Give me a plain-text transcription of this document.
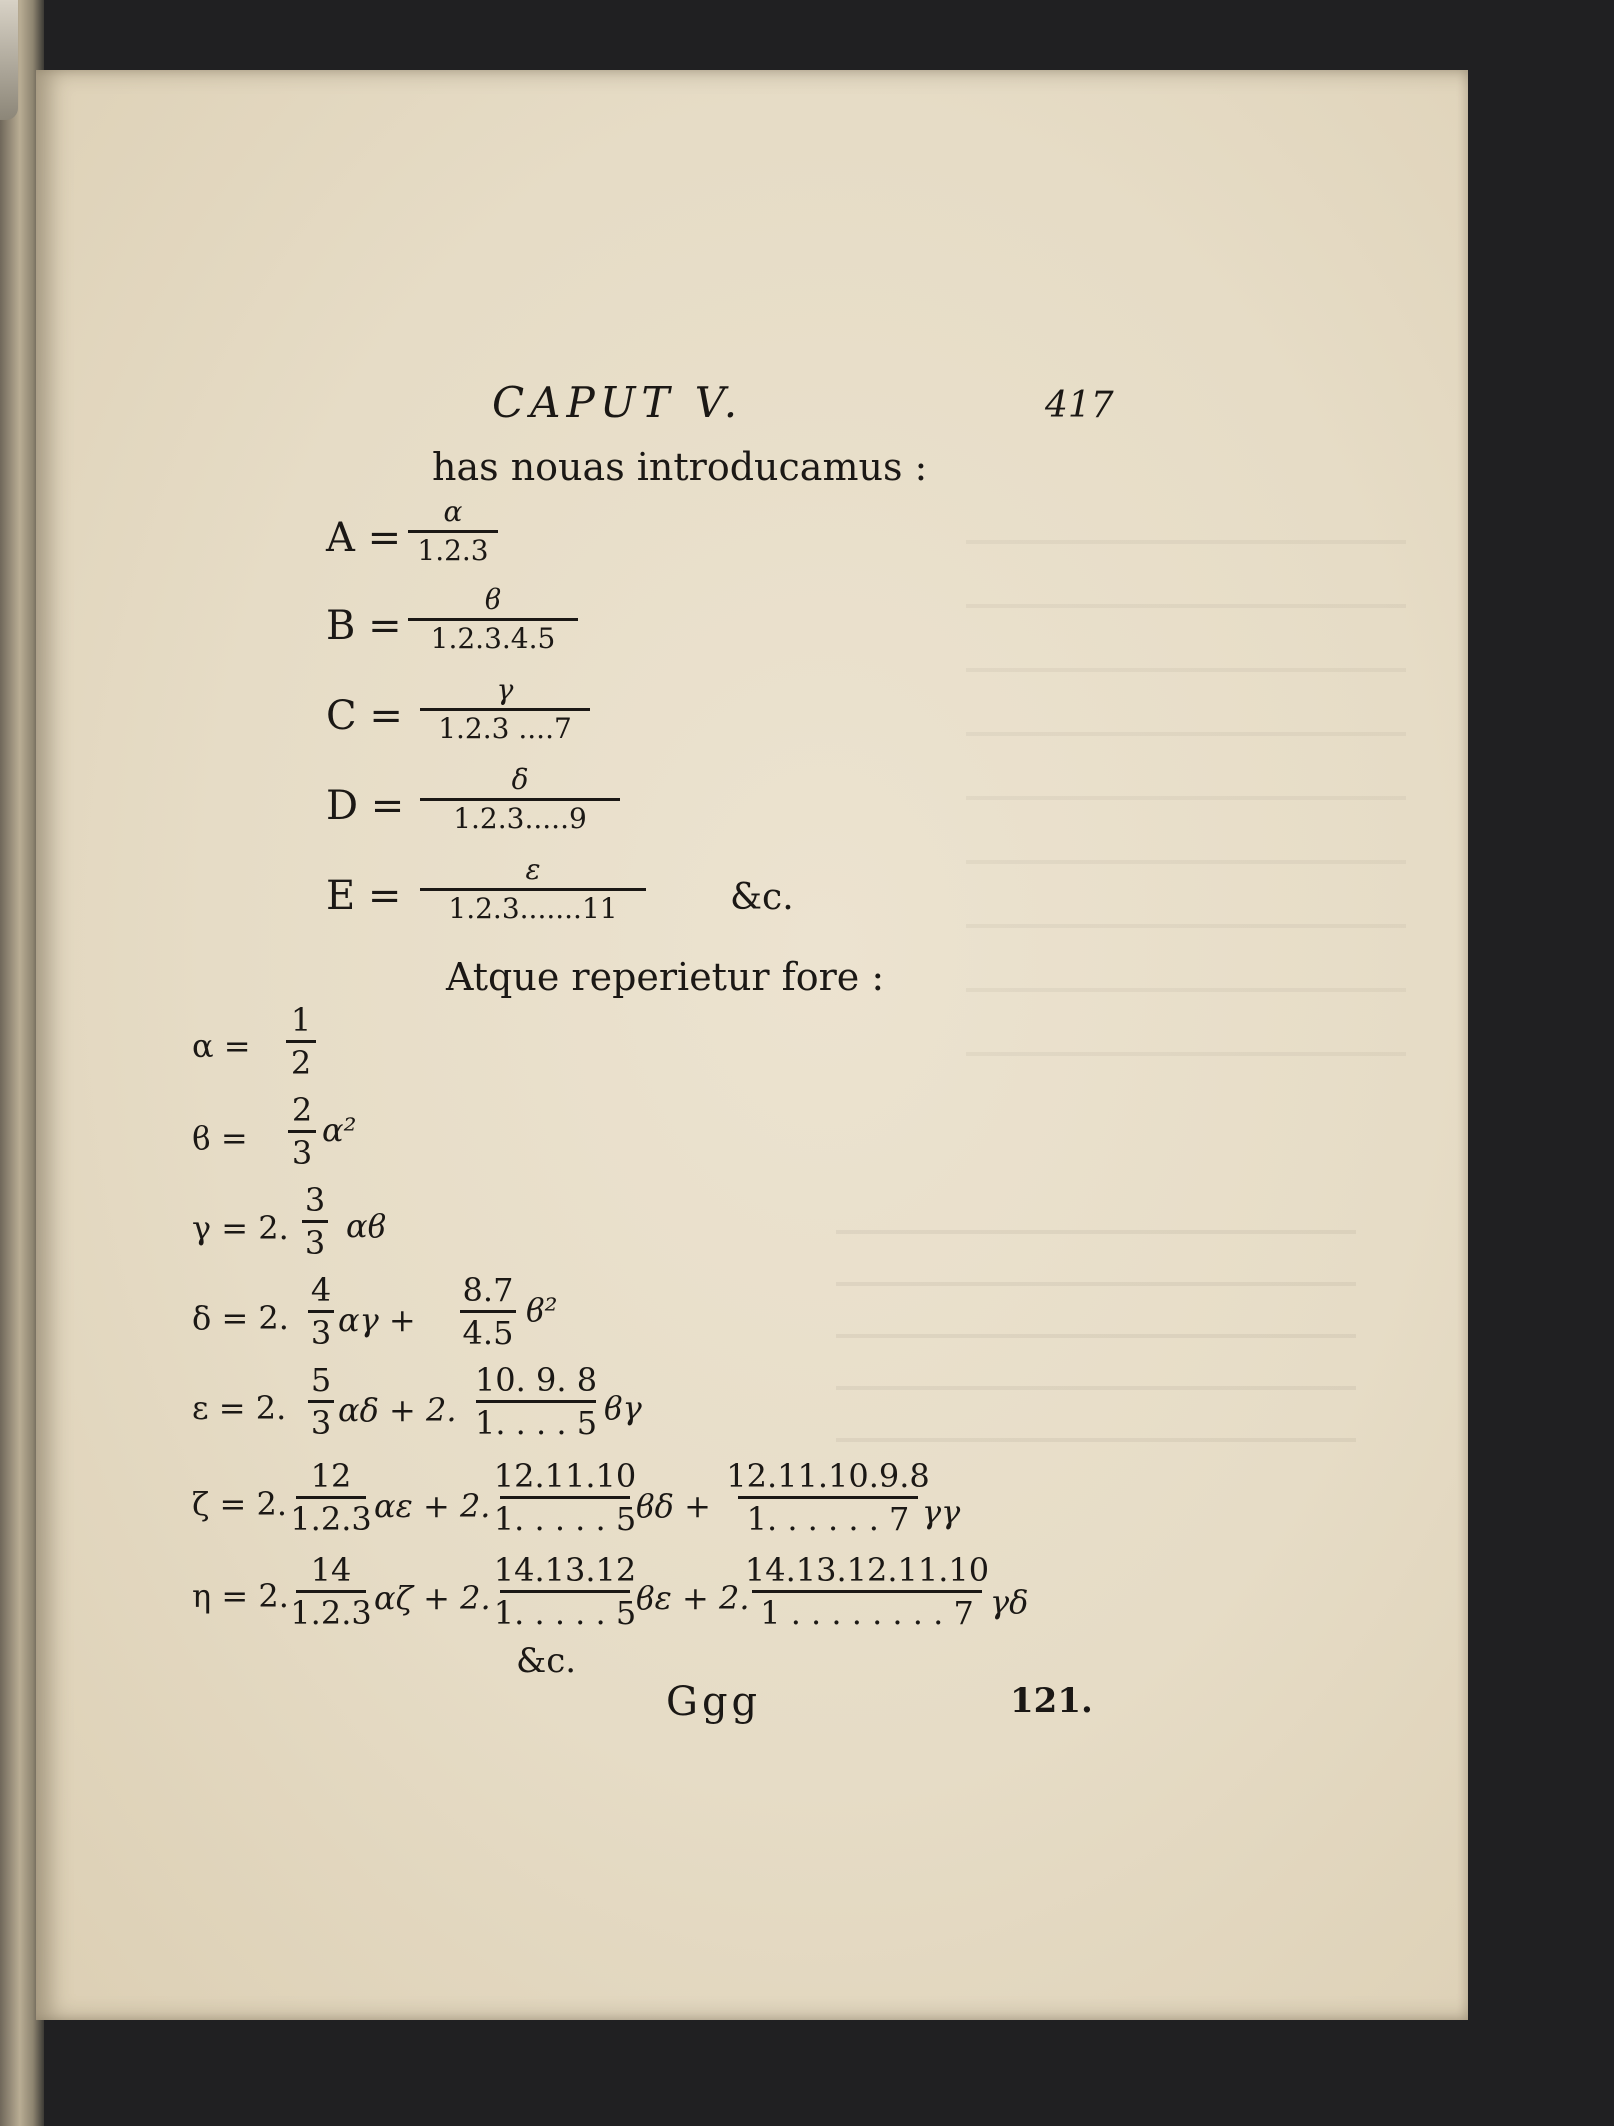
CAPUT V.	417
has nouas introducamus :
A =
α
1.2.3
B =
ϐ
1.2.3.4.5
C =
γ
1.2.3 ....7
D =
δ
1.2.3.....9
E =
ε
1.2.3.......11	&c.
Atque reperietur fore :
α =
1
2
ϐ =
2
3
α²
γ = 2.
3
3 αϐ
δ = 2.
4
3 αγ +
8.7
4.5
ϐ²
ε = 2.
5
3 αδ + 2.
10. 9. 8
1. . . . 5 ϐγ
ζ = 2.
12
1.2.3 αε + 2.
12.11.10
1. . . . . 5 ϐδ +
12.11.10.9.8
1. . . . . . 7 γγ
η = 2.
14
1.2.3 αζ + 2.
14.13.12
1. . . . . 5 ϐε + 2.
14.13.12.11.10
1 . . . . . . . . 7 γδ
&c.
Ggg	121.
